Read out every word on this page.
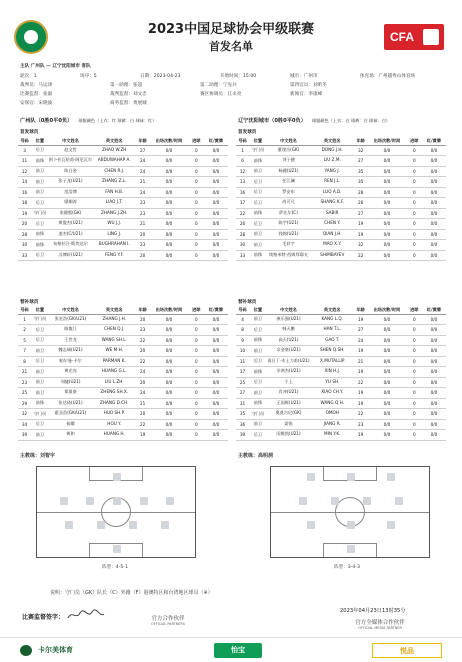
CFA
2023中国足球协会甲级联赛
首发名单
主队 广州队 — 辽宁沈阳城市 客队
轮次：1	场序：5	日期：2023-04-23	开始时间：15:00	城市：广州市	体育场：广州越秀山体育场
裁判员：马运津	第一助理：张超	第二助理：宁先兵	第四官员：刘昕冬
比赛监督：张毅	裁判监督：刘文忠	赛区协调员：江永亮	新闻官：李康峰
安保官：宋晓波	商务监督：黄展城
广州队（0胜0平0负） 球服颜色（上衣：红 球裤：白 球袜：红）	辽宁沈阳城市（0胜0平0负） 球服颜色（上衣：白 球裤：白 球袜：白）
首发球员	首发球员
号码	位置	中文姓名	英文姓名	年龄	出场次数/时间	进球	红/黄牌
3	后卫	赵文哲	ZHAO W.ZH	27	0/0	0	0/0
11	前锋	阿卜杜瓦哈甫·阿尼瓦尔	ABDUWAHAP A.	24	0/0	0	0/0
12	前卫	陈日金	CHEN R.J.	24	0/0	0	0/0
14	前卫	张子龙(U21)	ZHANG Z.L.	21	0/0	0	0/0
16	前卫	范浩博	FAN H.B.	24	0/0	0	0/0
18	后卫	廖炯涛	LIAO J.T.	23	0/0	0	0/0
19	守门员	张健熙(GK)	ZHANG J.ZH.	23	0/0	0	0/0
20	后卫	黄俊杰(U21)	WU J.J.	21	0/0	0	0/0
28	前锋	凌杰(C/U21)	LING J.	20	0/0	0	0/0
30	前锋	布格拉汗·斯坎达尔	BUGHRAHAN I.	23	0/0	0	0/0
33	后卫	冯博轩(U21)	FENG Y.F.	20	0/0	0	0/0
号码	位置	中文姓名	英文姓名	年龄	出场次数/时间	进球	红/黄牌
1	守门员	董建岳(GK)	DONG J.H.	32	0/0	0	0/0
6	前锋	刘子健	LIU Z.M.	27	0/0	0	0/0
12	前卫	杨健(U21)	YANG J.	35	0/0	0	0/0
13	后卫	任江澜	REN J.L.	35	0/0	0	0/0
16	后卫	罗安东	LUO A.D.	28	0/0	0	0/0
17	后卫	尚可凡	SHANG K.F.	26	0/0	0	0/0
22	前锋	萨比尔(C)	SABIR	27	0/0	0	0/0
26	后卫	陈宇(U21)	CHEN Y.	19	0/0	0	0/0
28	前卫	钱锦(U21)	QIAN J.H.	19	0/0	0	0/0
30	前卫	毛祥宇	MAO X.Y.	32	0/0	0	0/0
33	前锋	埃格米特·西姆拜耶夫	SHIMBAYEV	22	0/0	0	0/0
替补球员	替补球员
号码	位置	中文姓名	英文姓名	年龄	出场次数/时间	进球	红/黄牌
1	守门员	张宏浩(GK/U21)	ZHANG J.H.	20	0/0	0	0/0
2	后卫	陈俊江	CHEN Q.J.	23	0/0	0	0/0
5	后卫	王世龙	WANG SH.L.	22	0/0	0	0/0
7	前卫	魏志瑞(U21)	WE M.H.	20	0/0	0	0/0
8	后卫	帕尔曼·卡尔	PARMAN K.	22	0/0	0	0/0
21	前卫	黄光亮	HUANG G.L.	24	0/0	0	0/0
23	前卫	刘捷(U21)	LIU L.ZH.	20	0/0	0	0/0
25	前卫	郑晟豪	ZHENG SH.X.	24	0/0	0	0/0
29	前锋	张达琦(U21)	ZHANG D.CH.	21	0/0	0	0/0
32	守门员	霍圣浩(GK/U21)	HUO SH.P.	20	0/0	0	0/0
34	后卫	侯曜	HOU Y.	22	0/0	0	0/0
39	前卫	黄和	HUANG H.	19	0/0	0	0/0
号码	位置	中文姓名	英文姓名	年龄	出场次数/时间	进球	红/黄牌
4	前卫	康乐强(U21)	KANG L.Q.	19	0/0	0	0/0
8	后卫	韩天鹏	HAN T.L.	27	0/0	0	0/0
9	前锋	高天(U21)	GAO T.	24	0/0	0	0/0
10	前卫	佘金豪(U21)	SHEN Q.SH.	19	0/0	0	0/0
11	后卫	再日丁·木土力甫(U21)	X.MUTALLIP	21	0/0	0	0/0
17	前锋	辛鸿杰(U21)	XIN H.J.	19	0/0	0	0/0
25	后卫	于上	YU SH.	22	0/0	0	0/0
27	前卫	肖冲(U21)	XIAO CH.Y.	19	0/0	0	0/0
31	前锋	王国辉(U21)	WANG Q.H.	19	0/0	0	0/0
35	守门员	奥莫吉尼(GK)	OMOH	22	0/0	0	0/0
36	前卫	姜锐	JIANG R.	23	0/0	0	0/0
39	后卫	闵维凯(U21)	MIN Y.K.	19	0/0	0	0/0
主教练：刘智宇	主教练：高明洞
阵型：4-5-1	阵型：3-4-3
说明：守门员（GK）队长（C）外籍（F）港澳特区和台湾地区球员（※）
比赛监督签字：	官方合作伙伴
OFFICIAL PARTNERS
2023年04月23日13时35分
官方全媒体合作伙伴
OFFICIAL MEDIA PARTNER
卡尔美体育	怡宝	悦品
